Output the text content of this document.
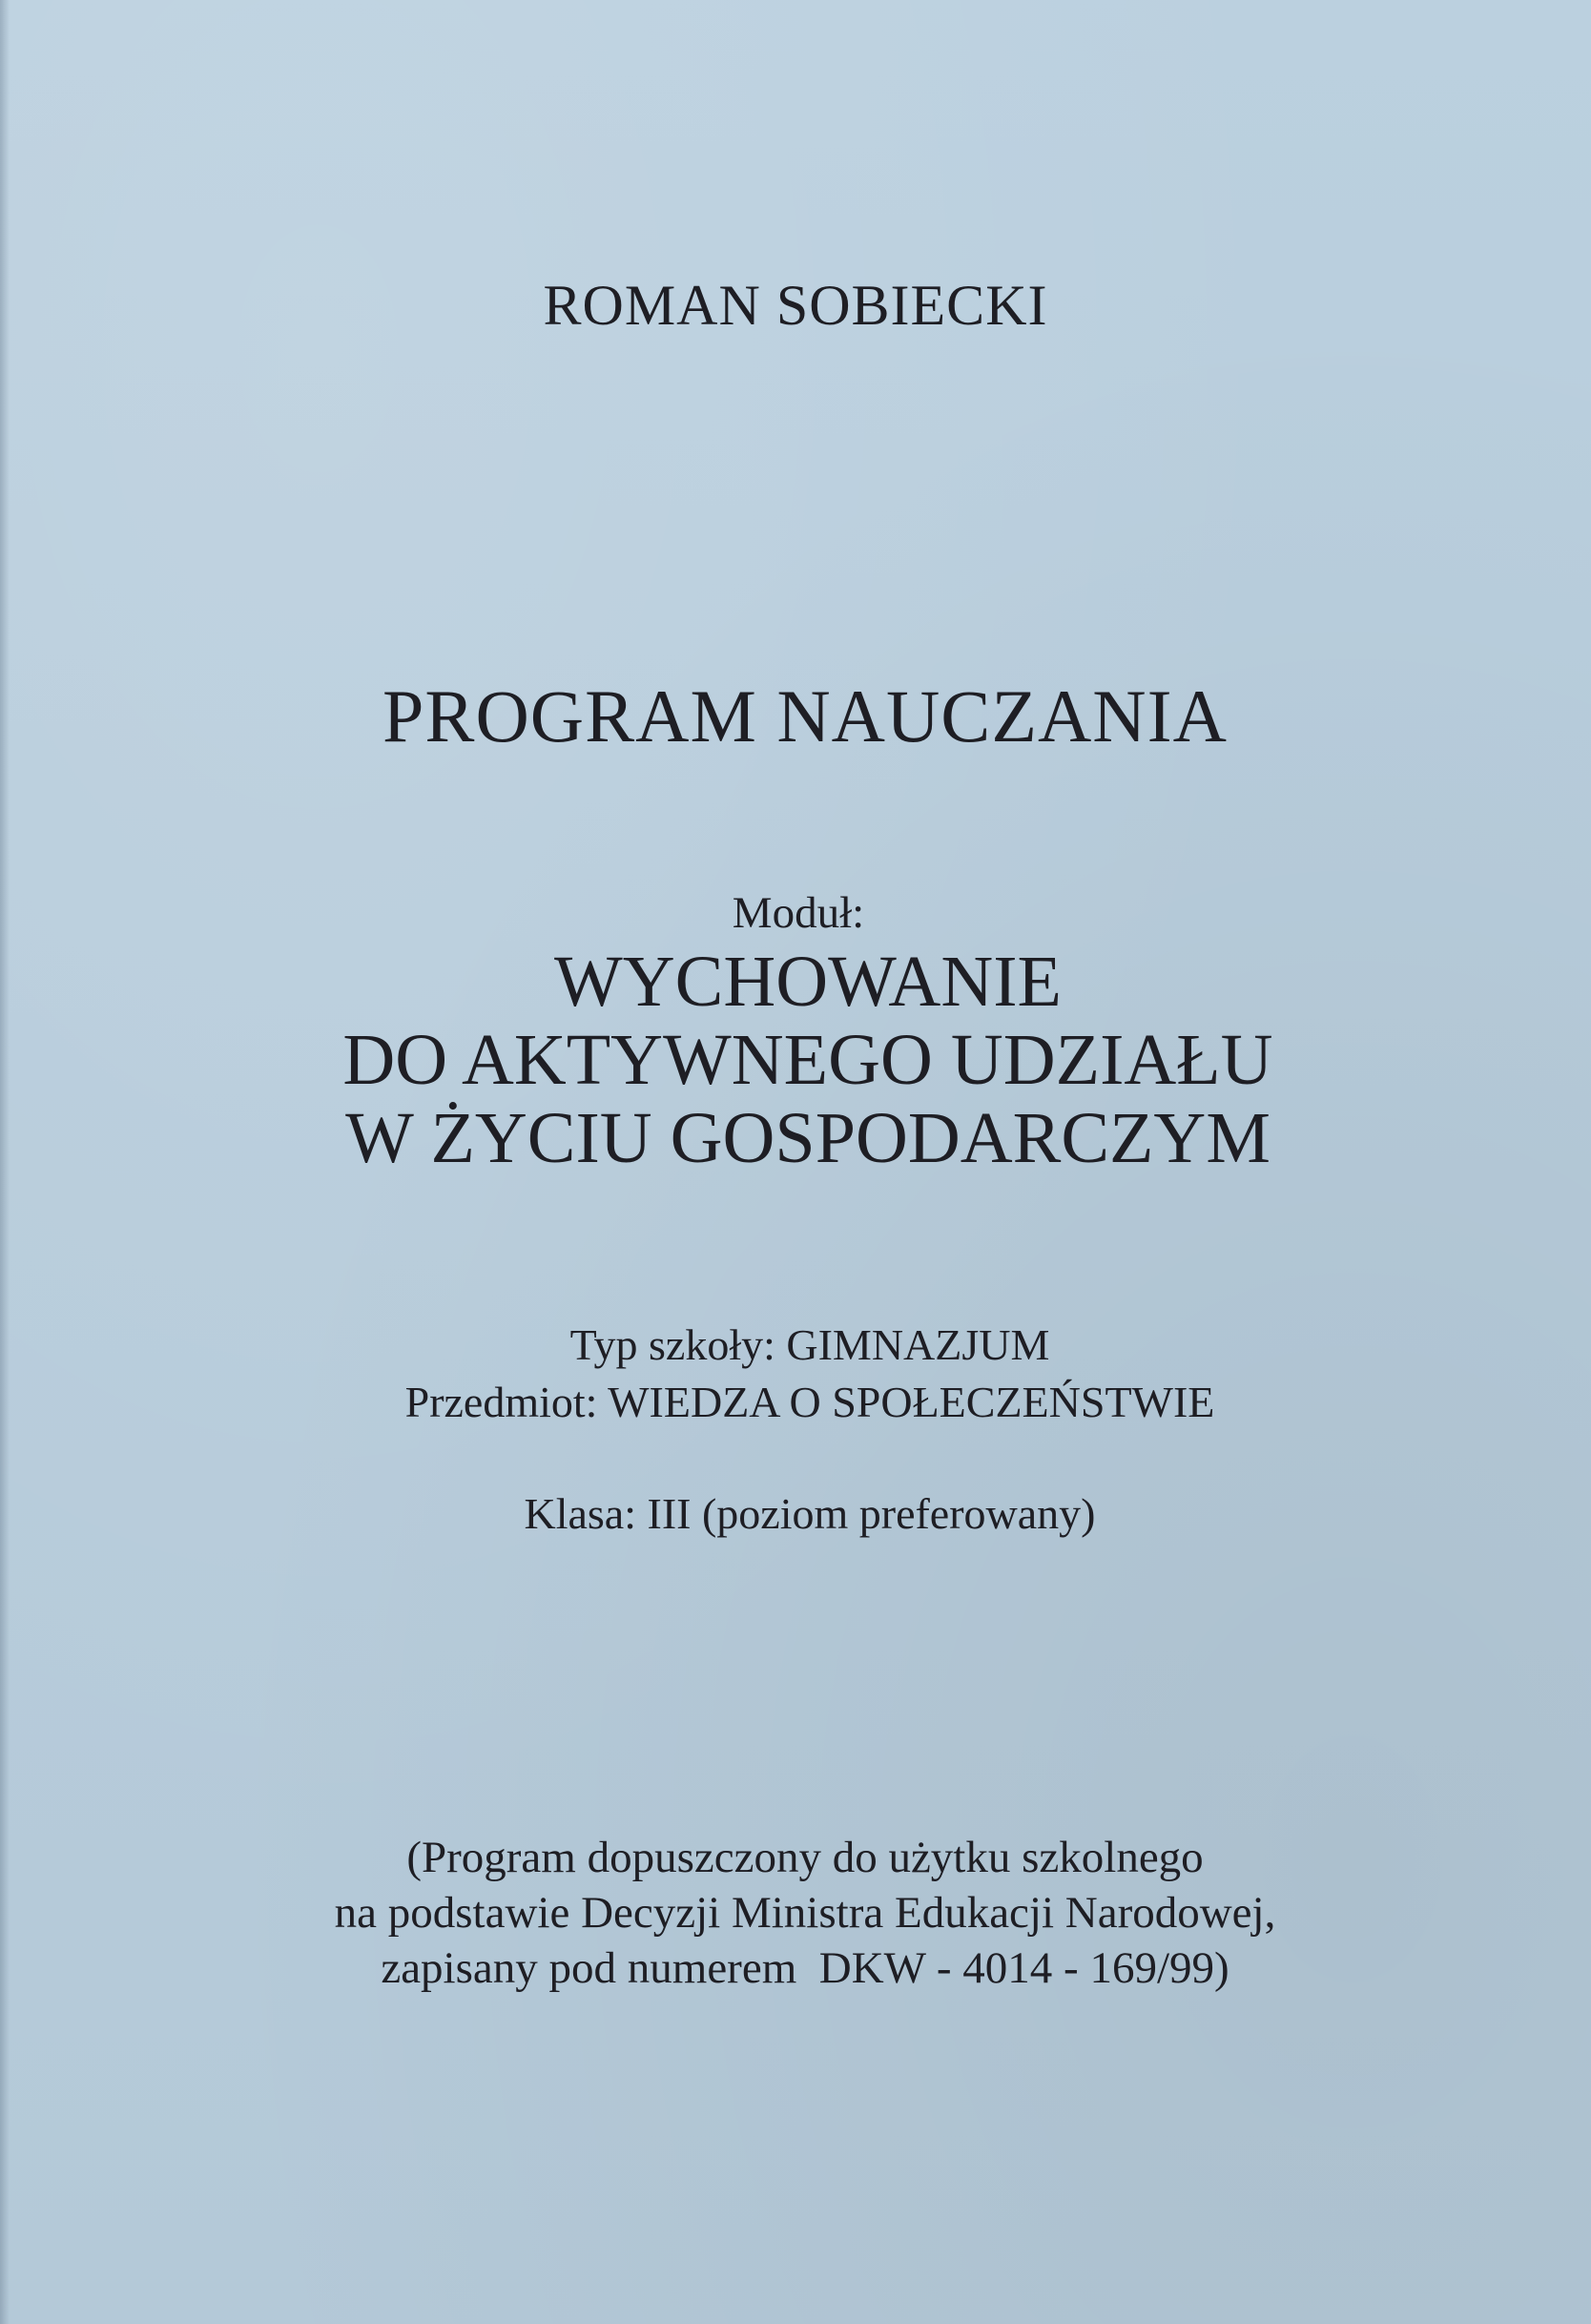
ROMAN SOBIECKI
PROGRAM NAUCZANIA
Moduł:
WYCHOWANIE
DO AKTYWNEGO UDZIAŁU
W ŻYCIU GOSPODARCZYM
Typ szkoły: GIMNAZJUM
Przedmiot: WIEDZA O SPOŁECZEŃSTWIE
Klasa: III (poziom preferowany)
(Program dopuszczony do użytku szkolnego
na podstawie Decyzji Ministra Edukacji Narodowej,
zapisany pod numerem  DKW - 4014 - 169/99)
